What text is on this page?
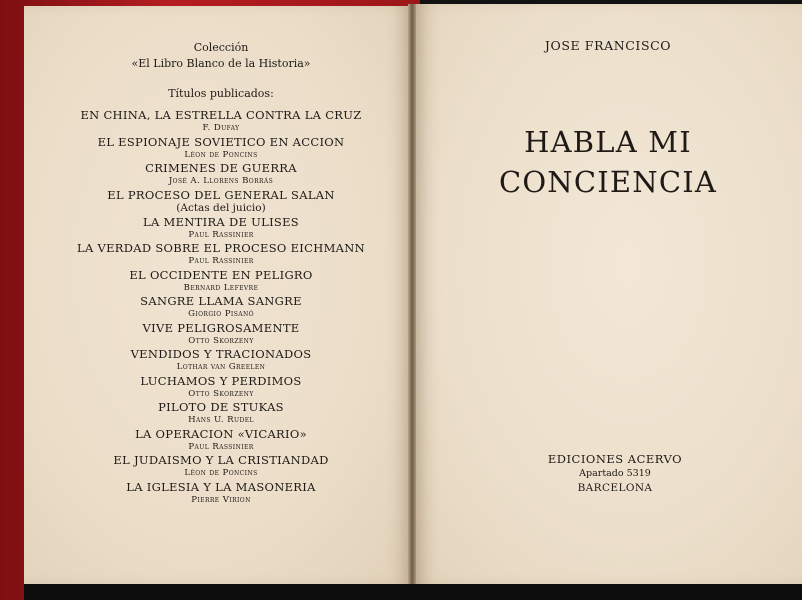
Colección

«El Libro Blanco de la Historia»

Títulos publicados:

EN CHINA, LA ESTRELLA CONTRA LA CRUZ
F. Dufay
EL ESPIONAJE SOVIETICO EN ACCION
Léon de Poncins
CRIMENES DE GUERRA
José A. Llorens Borrás
EL PROCESO DEL GENERAL SALAN
(Actas del juicio)
LA MENTIRA DE ULISES
Paul Rassinier
LA VERDAD SOBRE EL PROCESO EICHMANN
Paul Rassinier
EL OCCIDENTE EN PELIGRO
Bernard Lefevre
SANGRE LLAMA SANGRE
Giorgio Pisanó
VIVE PELIGROSAMENTE
Otto Skorzeny
VENDIDOS Y TRACIONADOS
Lothar van Greelen
LUCHAMOS Y PERDIMOS
Otto Skorzeny
PILOTO DE STUKAS
Hans U. Rudel
LA OPERACION «VICARIO»
Paul Rassinier
EL JUDAISMO Y LA CRISTIANDAD
Léon de Poncins
LA IGLESIA Y LA MASONERIA
Pierre Virion

JOSE FRANCISCO

HABLA MI
CONCIENCIA

EDICIONES ACERVO
Apartado 5319
BARCELONA
